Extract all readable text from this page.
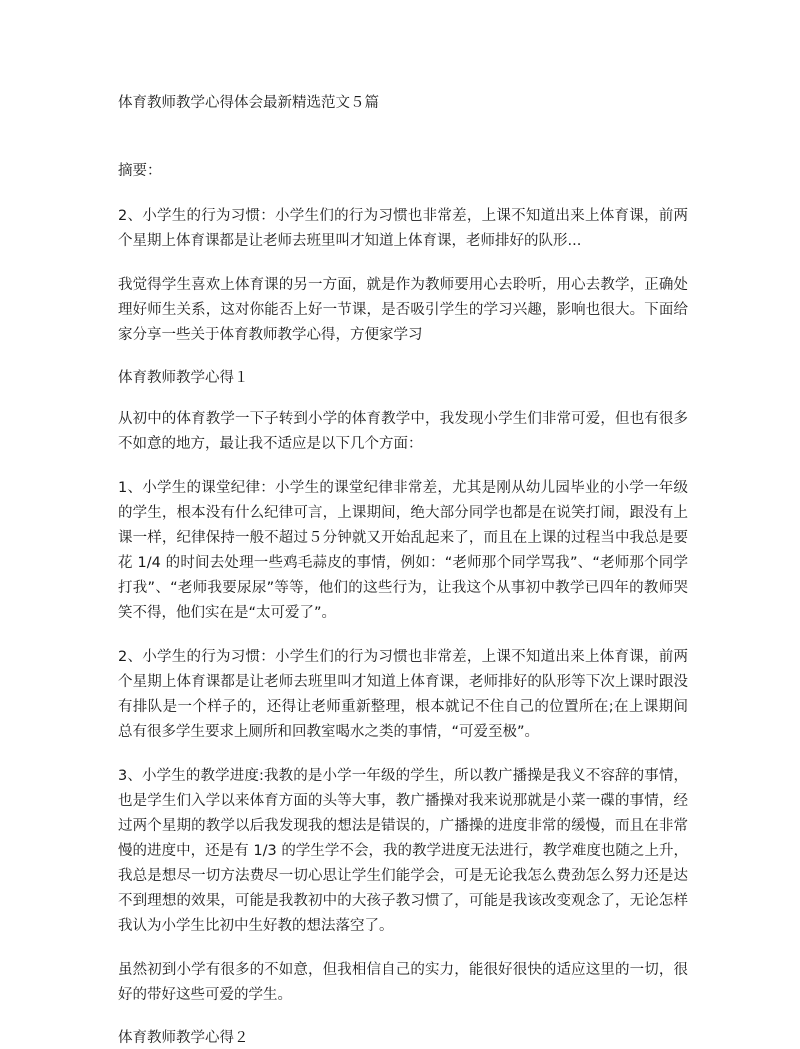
体育教师教学心得体会最新精选范文５篇
摘要：

2、小学生的行为习惯：小学生们的行为习惯也非常差，上课不知道出来上体育课，前两个星期上体育课都是让老师去班里叫才知道上体育课，老师排好的队形...

我觉得学生喜欢上体育课的另一方面，就是作为教师要用心去聆听，用心去教学，正确处理好师生关系，这对你能否上好一节课，是否吸引学生的学习兴趣，影响也很大。下面给家分享一些关于体育教师教学心得，方便家学习

体育教师教学心得１

从初中的体育教学一下子转到小学的体育教学中，我发现小学生们非常可爱，但也有很多不如意的地方，最让我不适应是以下几个方面：

1、小学生的课堂纪律：小学生的课堂纪律非常差，尤其是刚从幼儿园毕业的小学一年级的学生，根本没有什么纪律可言，上课期间，绝大部分同学也都是在说笑打闹，跟没有上课一样，纪律保持一般不超过５分钟就又开始乱起来了，而且在上课的过程当中我总是要花 1/4 的时间去处理一些鸡毛蒜皮的事情，例如：“老师那个同学骂我”、“老师那个同学打我”、“老师我要尿尿”等等，他们的这些行为，让我这个从事初中教学已四年的教师哭笑不得，他们实在是“太可爱了”。

2、小学生的行为习惯：小学生们的行为习惯也非常差，上课不知道出来上体育课，前两个星期上体育课都是让老师去班里叫才知道上体育课，老师排好的队形等下次上课时跟没有排队是一个样子的，还得让老师重新整理，根本就记不住自己的位置所在;在上课期间总有很多学生要求上厕所和回教室喝水之类的事情，“可爱至极”。

3、小学生的教学进度:我教的是小学一年级的学生，所以教广播操是我义不容辞的事情，也是学生们入学以来体育方面的头等大事，教广播操对我来说那就是小菜一碟的事情，经过两个星期的教学以后我发现我的想法是错误的，广播操的进度非常的缓慢，而且在非常慢的进度中，还是有 1/3 的学生学不会，我的教学进度无法进行，教学难度也随之上升，我总是想尽一切方法费尽一切心思让学生们能学会，可是无论我怎么费劲怎么努力还是达不到理想的效果，可能是我教初中的大孩子教习惯了，可能是我该改变观念了，无论怎样我认为小学生比初中生好教的想法落空了。

虽然初到小学有很多的不如意，但我相信自己的实力，能很好很快的适应这里的一切，很好的带好这些可爱的学生。

体育教师教学心得２
